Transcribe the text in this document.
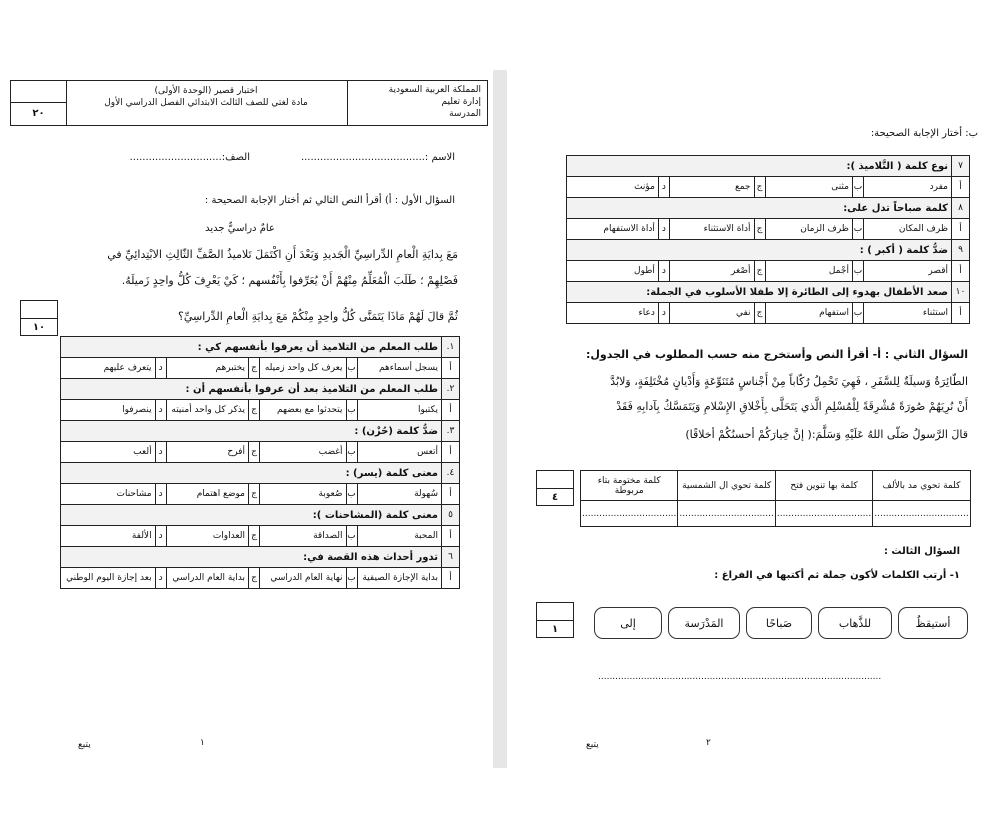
٢٠
اختبار قصير (الوحدة الأولى)
مادة لغتي للصف الثالث الابتدائي الفصل الدراسي الأول
المملكة العربية السعودية
إدارة تعليم
المدرسة
الاسم :.......................................
الصف:.............................
السؤال الأول : أ) أقرأ النص التالي ثم أختار الإجابة الصحيحة :
عامٌ دراسيٌّ جديد
مَعَ بِدايَةِ الْعامِ الدِّراسِيِّ الْجَديدِ وَبَعْدَ أَنِ اكْتَمَلَ تَلاميذُ الصَّفِّ الثّالِثِ الابْتِدائِيِّ في
فَصْلِهِمْ ؛ طَلَبَ الْمُعَلِّمُ مِنْهُمْ أَنْ يُعَرِّفوا بِأَنْفُسهم ؛ كَيْ يَعْرِفَ كُلُّ واحِدٍ زَميلَهُ.
ثُمَّ قالَ لَهُمْ مَاذَا يَتَمَنَّى كُلُّ واحِدٍ مِنْكُمْ مَعَ بِدايَةِ الْعامِ الدِّراسِيِّ؟
١٠
١.	طلب المعلم من التلاميذ أن يعرفوا بأنفسهم كي :						
أ	يسجل أسماءهم	ب	يعرف كل واحد زميله	ج	يختبرهم	د	يتعرف عليهم
٢.	طلب المعلم من التلاميذ بعد أن عرفوا بأنفسهم أن :						
أ	يكتبوا	ب	يتحدثوا مع بعضهم	ج	يذكر كل واحد أمنيته	د	ينصرفوا
٣.	ضدُّ كلمة (حُزْن) :						
أ	أتعس	ب	أغضب	ج	أفرح	د	ألعب
٤.	معنى كلمة (يسر) :						
أ	سُهولة	ب	صُعوبة	ج	موضع اهتمام	د	مشاحنات
٥	معنى كلمة (المشاحنات ):						
أ	المحبة	ب	الصداقة	ج	العداوات	د	الألفة
٦	تدور أحداث هذه القصة في:						
أ	بداية الإجازة الصيفية	ب	نهاية العام الدراسي	ج	بداية العام الدراسي	د	بعد إجازة اليوم الوطني
يتبع	١
ب: أختار الإجابة الصحيحة:
٧	نوع كلمة ( التَّلاميذ ):						
أ	مفرد	ب	مثنى	ج	جمع	د	مؤنث
٨	كلمة صباحاً تدل على:						
أ	ظرف المكان	ب	ظرف الزمان	ج	أداة الاستثناء	د	أداة الاستفهام
٩	ضدُّ كلمة ( أكبر ) :						
أ	أقصر	ب	أجْمل	ج	أصْغر	د	أطول
١٠	صعد الأطفال بهدوء إلى الطائرة إلا طفلا الأسلوب في الجملة:						
أ	استثناء	ب	استفهام	ج	نفي	د	دعاء
السؤال الثاني : أ- أقرأ النص وأستخرج منه حسب المطلوب في الجدول:
الطّائِرَةُ وَسيلَةٌ لِلسَّفَرِ ، فَهِيَ تَحْمِلُ رُكّاباً مِنْ أَجْناسٍ مُتَنَوِّعَةٍ وَأَدْيانٍ مُخْتَلِفَةٍ، وَلابُدَّ
أَنْ نُرِيَهُمْ صُورَةً مُشْرِقَةً لِلْمُسْلِمِ الَّذي يَتَحَلَّى بِأَخْلاقِ الإِسْلامِ وَيَتَمَسَّكُ بِآدابِهِ فَقَدْ
قالَ الرَّسولُ صَلّى اللهُ عَلَيْهِ وَسَلَّمَ:( إنَّ خِيارَكُمْ أحسنُكُمْ أخلاقًا)
٤
كلمة تحوي مد بالألف	كلمة بها تنوين فتح	كلمة تحوي ال الشمسية	كلمة مختومة بتاء مربوطة
.................................	.................................	.................................	.................................
السؤال الثالث :
١- أرتب الكلمات لأكون جملة ثم أكتبها في الفراغ :
١	أستيقظُ
للذَّهاب
صَباحًا
المَدْرَسة
إلى
...................................................................................................
يتبع	٢
